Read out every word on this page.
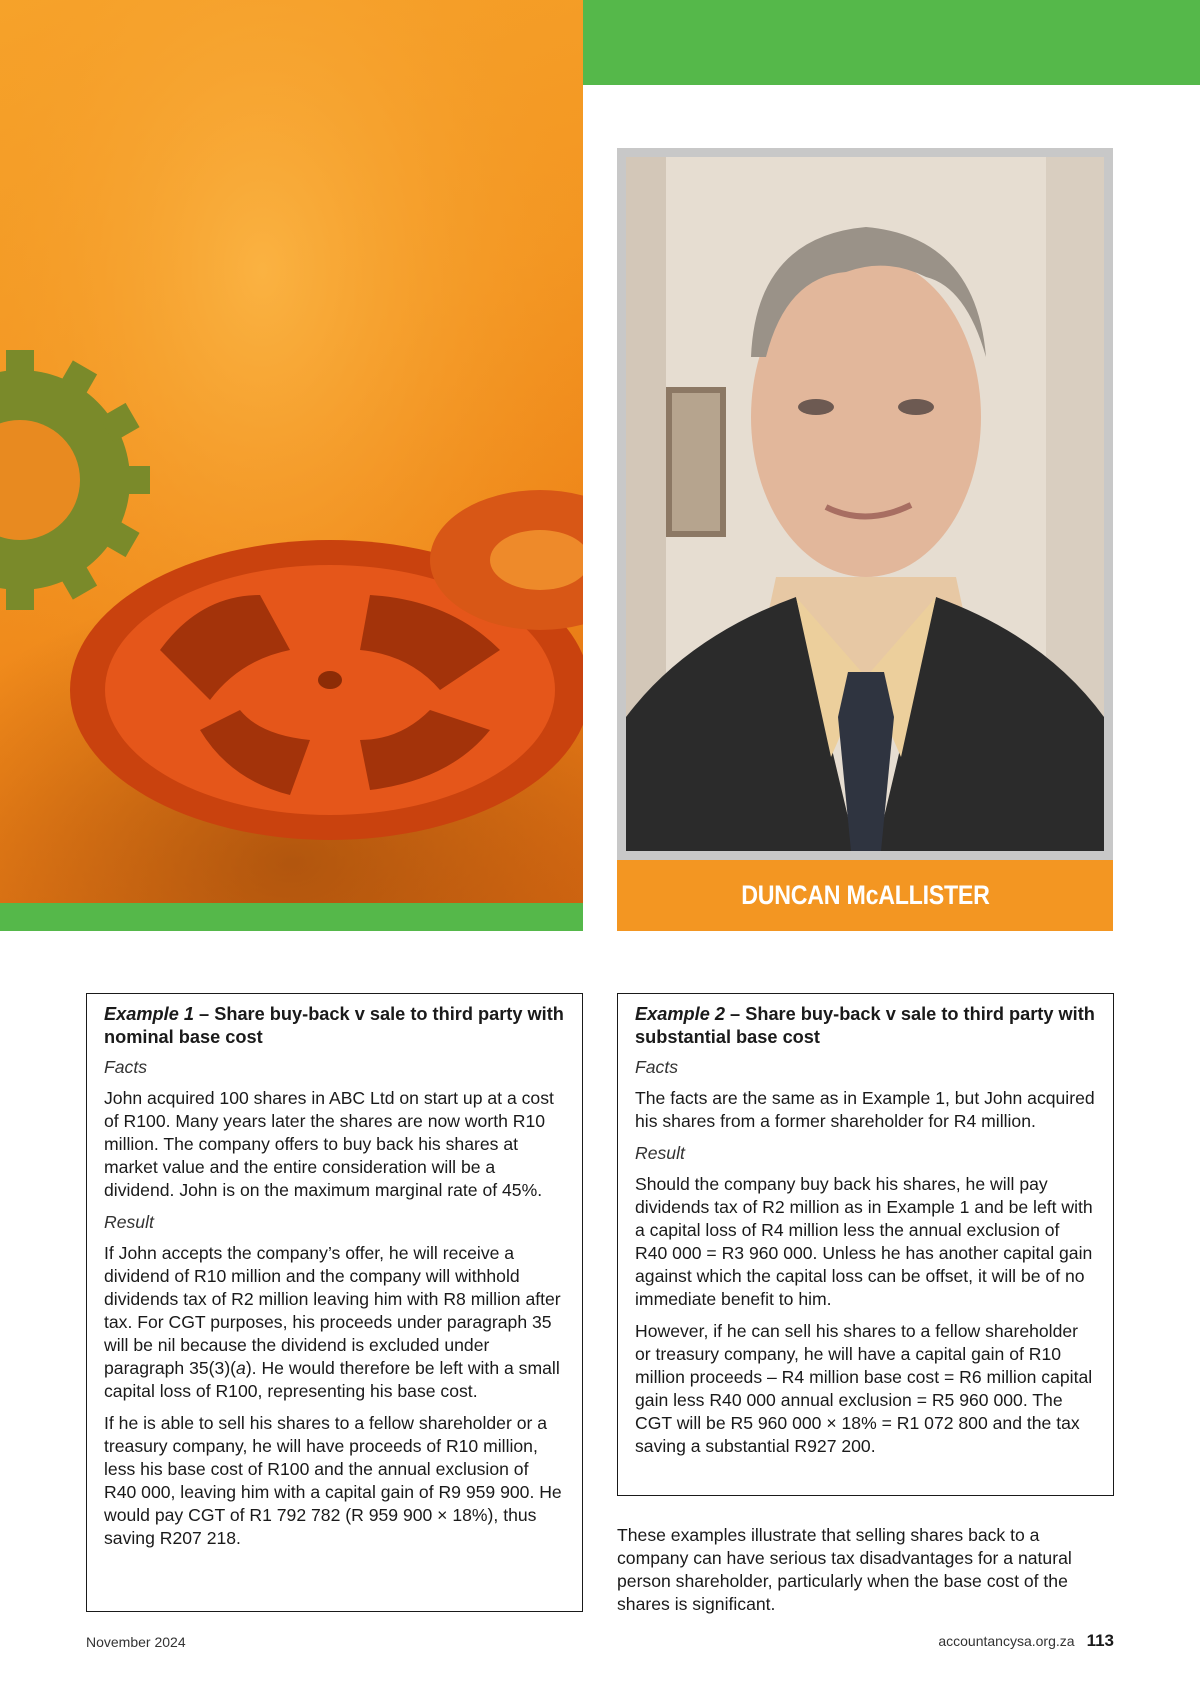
DUNCAN McALLISTER
Example 1 – Share buy-back v sale to third party with nominal base cost
Facts

John acquired 100 shares in ABC Ltd on start up at a cost of R100. Many years later the shares are now worth R10 million. The company offers to buy back his shares at market value and the entire consideration will be a dividend. John is on the maximum marginal rate of 45%.

Result

If John accepts the company’s offer, he will receive a dividend of R10 million and the company will withhold dividends tax of R2 million leaving him with R8 million after tax. For CGT purposes, his proceeds under paragraph 35 will be nil because the dividend is excluded under paragraph 35(3)(a). He would therefore be left with a small capital loss of R100, representing his base cost.

If he is able to sell his shares to a fellow shareholder or a treasury company, he will have proceeds of R10 million, less his base cost of R100 and the annual exclusion of R40 000, leaving him with a capital gain of R9 959 900. He would pay CGT of R1 792 782 (R 959 900 × 18%), thus saving R207 218.

Example 2 – Share buy-back v sale to third party with substantial base cost
Facts

The facts are the same as in Example 1, but John acquired his shares from a former shareholder for R4 million.

Result

Should the company buy back his shares, he will pay dividends tax of R2 million as in Example 1 and be left with a capital loss of R4 million less the annual exclusion of R40 000 = R3 960 000. Unless he has another capital gain against which the capital loss can be offset, it will be of no immediate benefit to him.

However, if he can sell his shares to a fellow shareholder or treasury company, he will have a capital gain of R10 million proceeds – R4 million base cost = R6 million capital gain less R40 000 annual exclusion = R5 960 000. The CGT will be R5 960 000 × 18% = R1 072 800 and the tax saving a substantial R927 200.

These examples illustrate that selling shares back to a company can have serious tax disadvantages for a natural person shareholder, particularly when the base cost of the shares is significant.
November 2024	accountancysa.org.za 113
